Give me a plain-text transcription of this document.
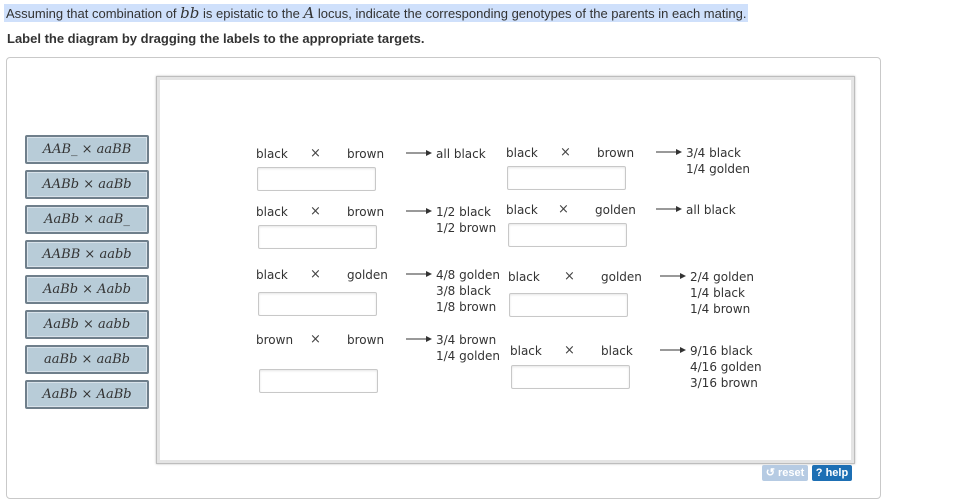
Assuming that combination of bb is epistatic to the A locus, indicate the corresponding genotypes of the parents in each mating.
Label the diagram by dragging the labels to the appropriate targets.
AAB_ × aaBB
AABb × aaBb
AaBb × aaB_
AABB × aabb
AaBb × Aabb
AaBb × aabb
aaBb × aaBb
AaBb × AaBb
black × brown	all black
black × brown	1/2 black
1/2 brown
black × golden	4/8 golden
3/8 black
1/8 brown
brown × brown	3/4 brown
1/4 golden
black × brown	3/4 black
1/4 golden
black × golden	all black
black × golden	2/4 golden
1/4 black
1/4 brown
black × black	9/16 black
4/16 golden
3/16 brown
↺ reset	? help
